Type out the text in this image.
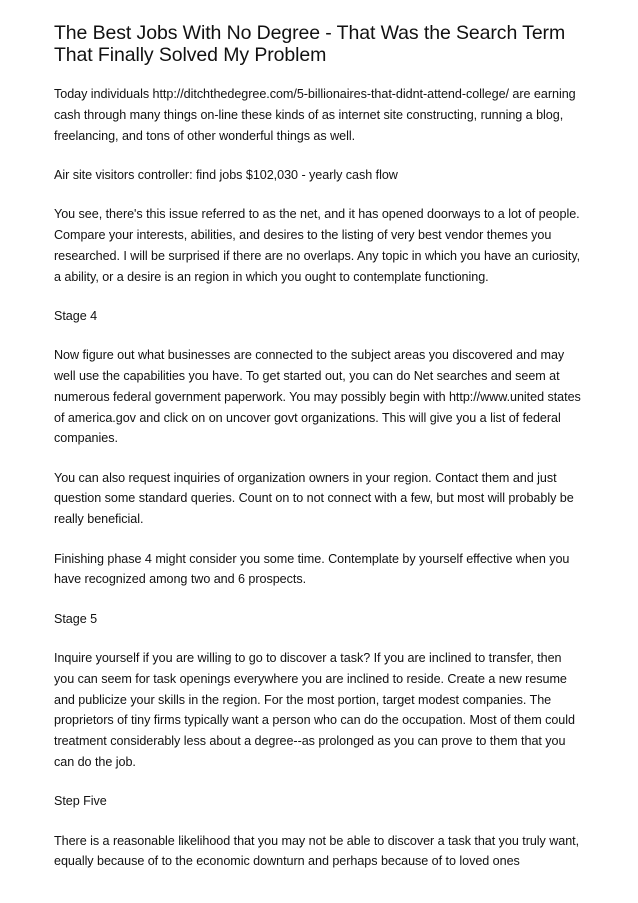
The Best Jobs With No Degree - That Was the Search Term That Finally Solved My Problem

Today individuals http://ditchthedegree.com/5-billionaires-that-didnt-attend-college/ are earning cash through many things on-line these kinds of as internet site constructing, running a blog, freelancing, and tons of other wonderful things as well.

Air site visitors controller: find jobs $102,030 - yearly cash flow

You see, there's this issue referred to as the net, and it has opened doorways to a lot of people. Compare your interests, abilities, and desires to the listing of very best vendor themes you researched. I will be surprised if there are no overlaps. Any topic in which you have an curiosity, a ability, or a desire is an region in which you ought to contemplate functioning.

Stage 4

Now figure out what businesses are connected to the subject areas you discovered and may well use the capabilities you have. To get started out, you can do Net searches and seem at numerous federal government paperwork. You may possibly begin with http://www.united states of america.gov and click on on uncover govt organizations. This will give you a list of federal companies.

You can also request inquiries of organization owners in your region. Contact them and just question some standard queries. Count on to not connect with a few, but most will probably be really beneficial.

Finishing phase 4 might consider you some time. Contemplate by yourself effective when you have recognized among two and 6 prospects.

Stage 5

Inquire yourself if you are willing to go to discover a task? If you are inclined to transfer, then you can seem for task openings everywhere you are inclined to reside. Create a new resume and publicize your skills in the region. For the most portion, target modest companies. The proprietors of tiny firms typically want a person who can do the occupation. Most of them could treatment considerably less about a degree--as prolonged as you can prove to them that you can do the job.

Step Five

There is a reasonable likelihood that you may not be able to discover a task that you truly want, equally because of to the economic downturn and perhaps because of to loved ones
